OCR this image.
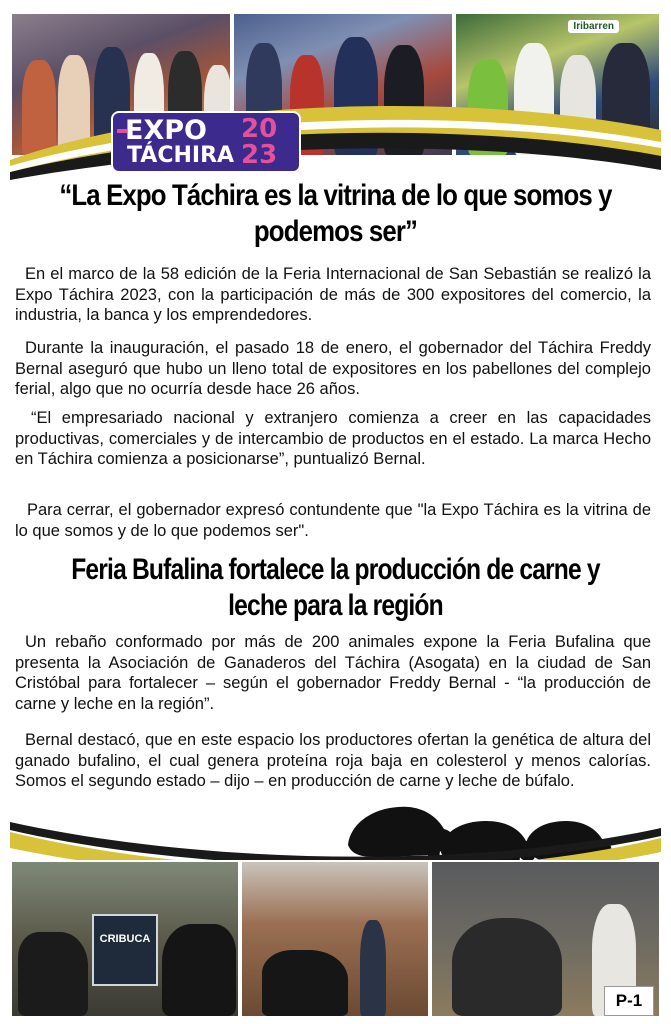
Iribarren
EXPO 20
TÁCHIRA 23
“La Expo Táchira es la vitrina de lo que somos y podemos ser”

En el marco de la 58 edición de la Feria Internacional de San Sebastián se realizó la Expo Táchira 2023, con la participación de más de 300 expositores del comercio, la industria, la banca y los emprendedores.

Durante la inauguración, el pasado 18 de enero, el gobernador del Táchira Freddy Bernal aseguró que hubo un lleno total de expositores en los pabellones del complejo ferial, algo que no ocurría desde hace 26 años.

“El empresariado nacional y extranjero comienza a creer en las capacidades productivas, comerciales y de intercambio de productos en el estado. La marca Hecho en Táchira comienza a posicionarse”, puntualizó Bernal.

Para cerrar, el gobernador expresó contundente que "la Expo Táchira es la vitrina de lo que somos y de lo que podemos ser".

Feria Bufalina fortalece la producción de carne y leche para la región

Un rebaño conformado por más de 200 animales expone la Feria Bufalina que presenta la Asociación de Ganaderos del Táchira (Asogata) en la ciudad de San Cristóbal para fortalecer – según el gobernador Freddy Bernal - “la producción de carne y leche en la región”.

Bernal destacó, que en este espacio los productores ofertan la genética de altura del ganado bufalino, el cual genera proteína roja baja en colesterol y menos calorías. Somos el segundo estado – dijo – en producción de carne y leche de búfalo.

CRIBUCA
P-1
